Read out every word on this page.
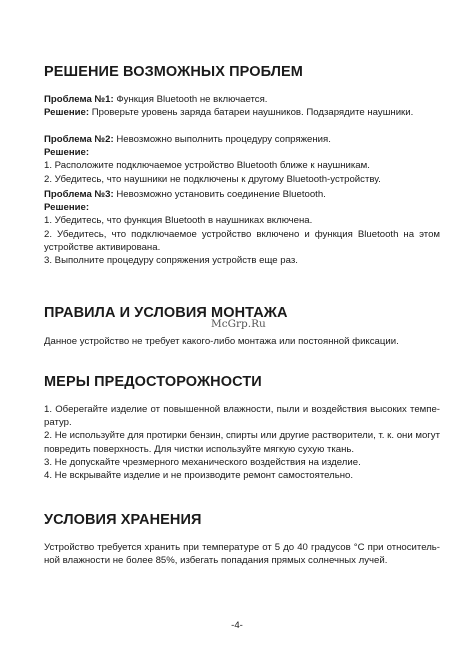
РЕШЕНИЕ ВОЗМОЖНЫХ ПРОБЛЕМ
Проблема №1: Функция Bluetooth не включается.
Решение: Проверьте уровень заряда батареи наушников. Подзарядите наушники.
Проблема №2: Невозможно выполнить процедуру сопряжения.
Решение:
1. Расположите подключаемое устройство Bluetooth ближе к наушникам.
2. Убедитесь, что наушники не подключены к другому Bluetooth-устройству.
Проблема №3: Невозможно установить соединение Bluetooth.
Решение:
1. Убедитесь, что функция Bluetooth в наушниках включена.
2. Убедитесь, что подключаемое устройство включено и функция Bluetooth на этом
устройстве активирована.
3. Выполните процедуру сопряжения устройств еще раз.
ПРАВИЛА И УСЛОВИЯ МОНТАЖА
Данное устройство не требует какого-либо монтажа или постоянной фиксации.
МЕРЫ ПРЕДОСТОРОЖНОСТИ
1. Оберегайте изделие от повышенной влажности, пыли и воздействия высоких темпе-
ратур.
2. Не используйте для протирки бензин, спирты или другие растворители, т. к. они могут
повредить поверхность. Для чистки используйте мягкую сухую ткань.
3. Не допускайте чрезмерного механического воздействия на изделие.
4. Не вскрывайте изделие и не производите ремонт самостоятельно.
УСЛОВИЯ ХРАНЕНИЯ
Устройство требуется хранить при температуре от 5 до 40 градусов °С при относитель-
ной влажности не более 85%, избегать попадания прямых солнечных лучей.
McGrp.Ru
-4-
